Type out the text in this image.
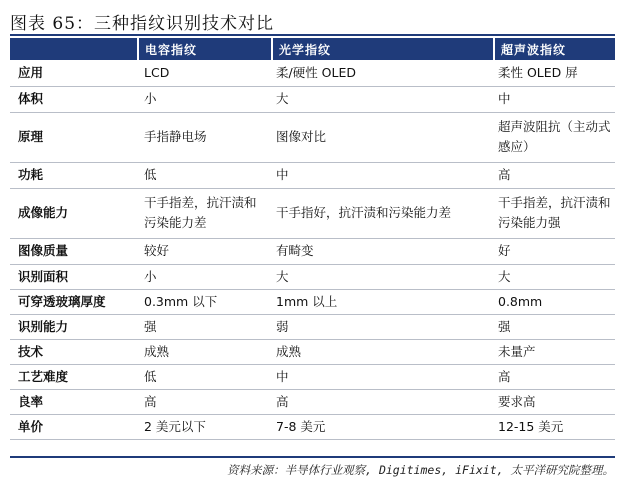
图表 65：三种指纹识别技术对比
	电容指纹	光学指纹	超声波指纹
应用	LCD	柔/硬性 OLED	柔性 OLED 屏
体积	小	大	中
原理	手指静电场	图像对比	超声波阻抗（主动式感应）
功耗	低	中	高
成像能力	干手指差，抗汗渍和污染能力差	干手指好，抗汗渍和污染能力差	干手指差，抗汗渍和污染能力强
图像质量	较好	有畸变	好
识别面积	小	大	大
可穿透玻璃厚度	0.3mm 以下	1mm 以上	0.8mm
识别能力	强	弱	强
技术	成熟	成熟	未量产
工艺难度	低	中	高
良率	高	高	要求高
单价	2 美元以下	7-8 美元	12-15 美元
资料来源：半导体行业观察, Digitimes, iFixit, 太平洋研究院整理。
